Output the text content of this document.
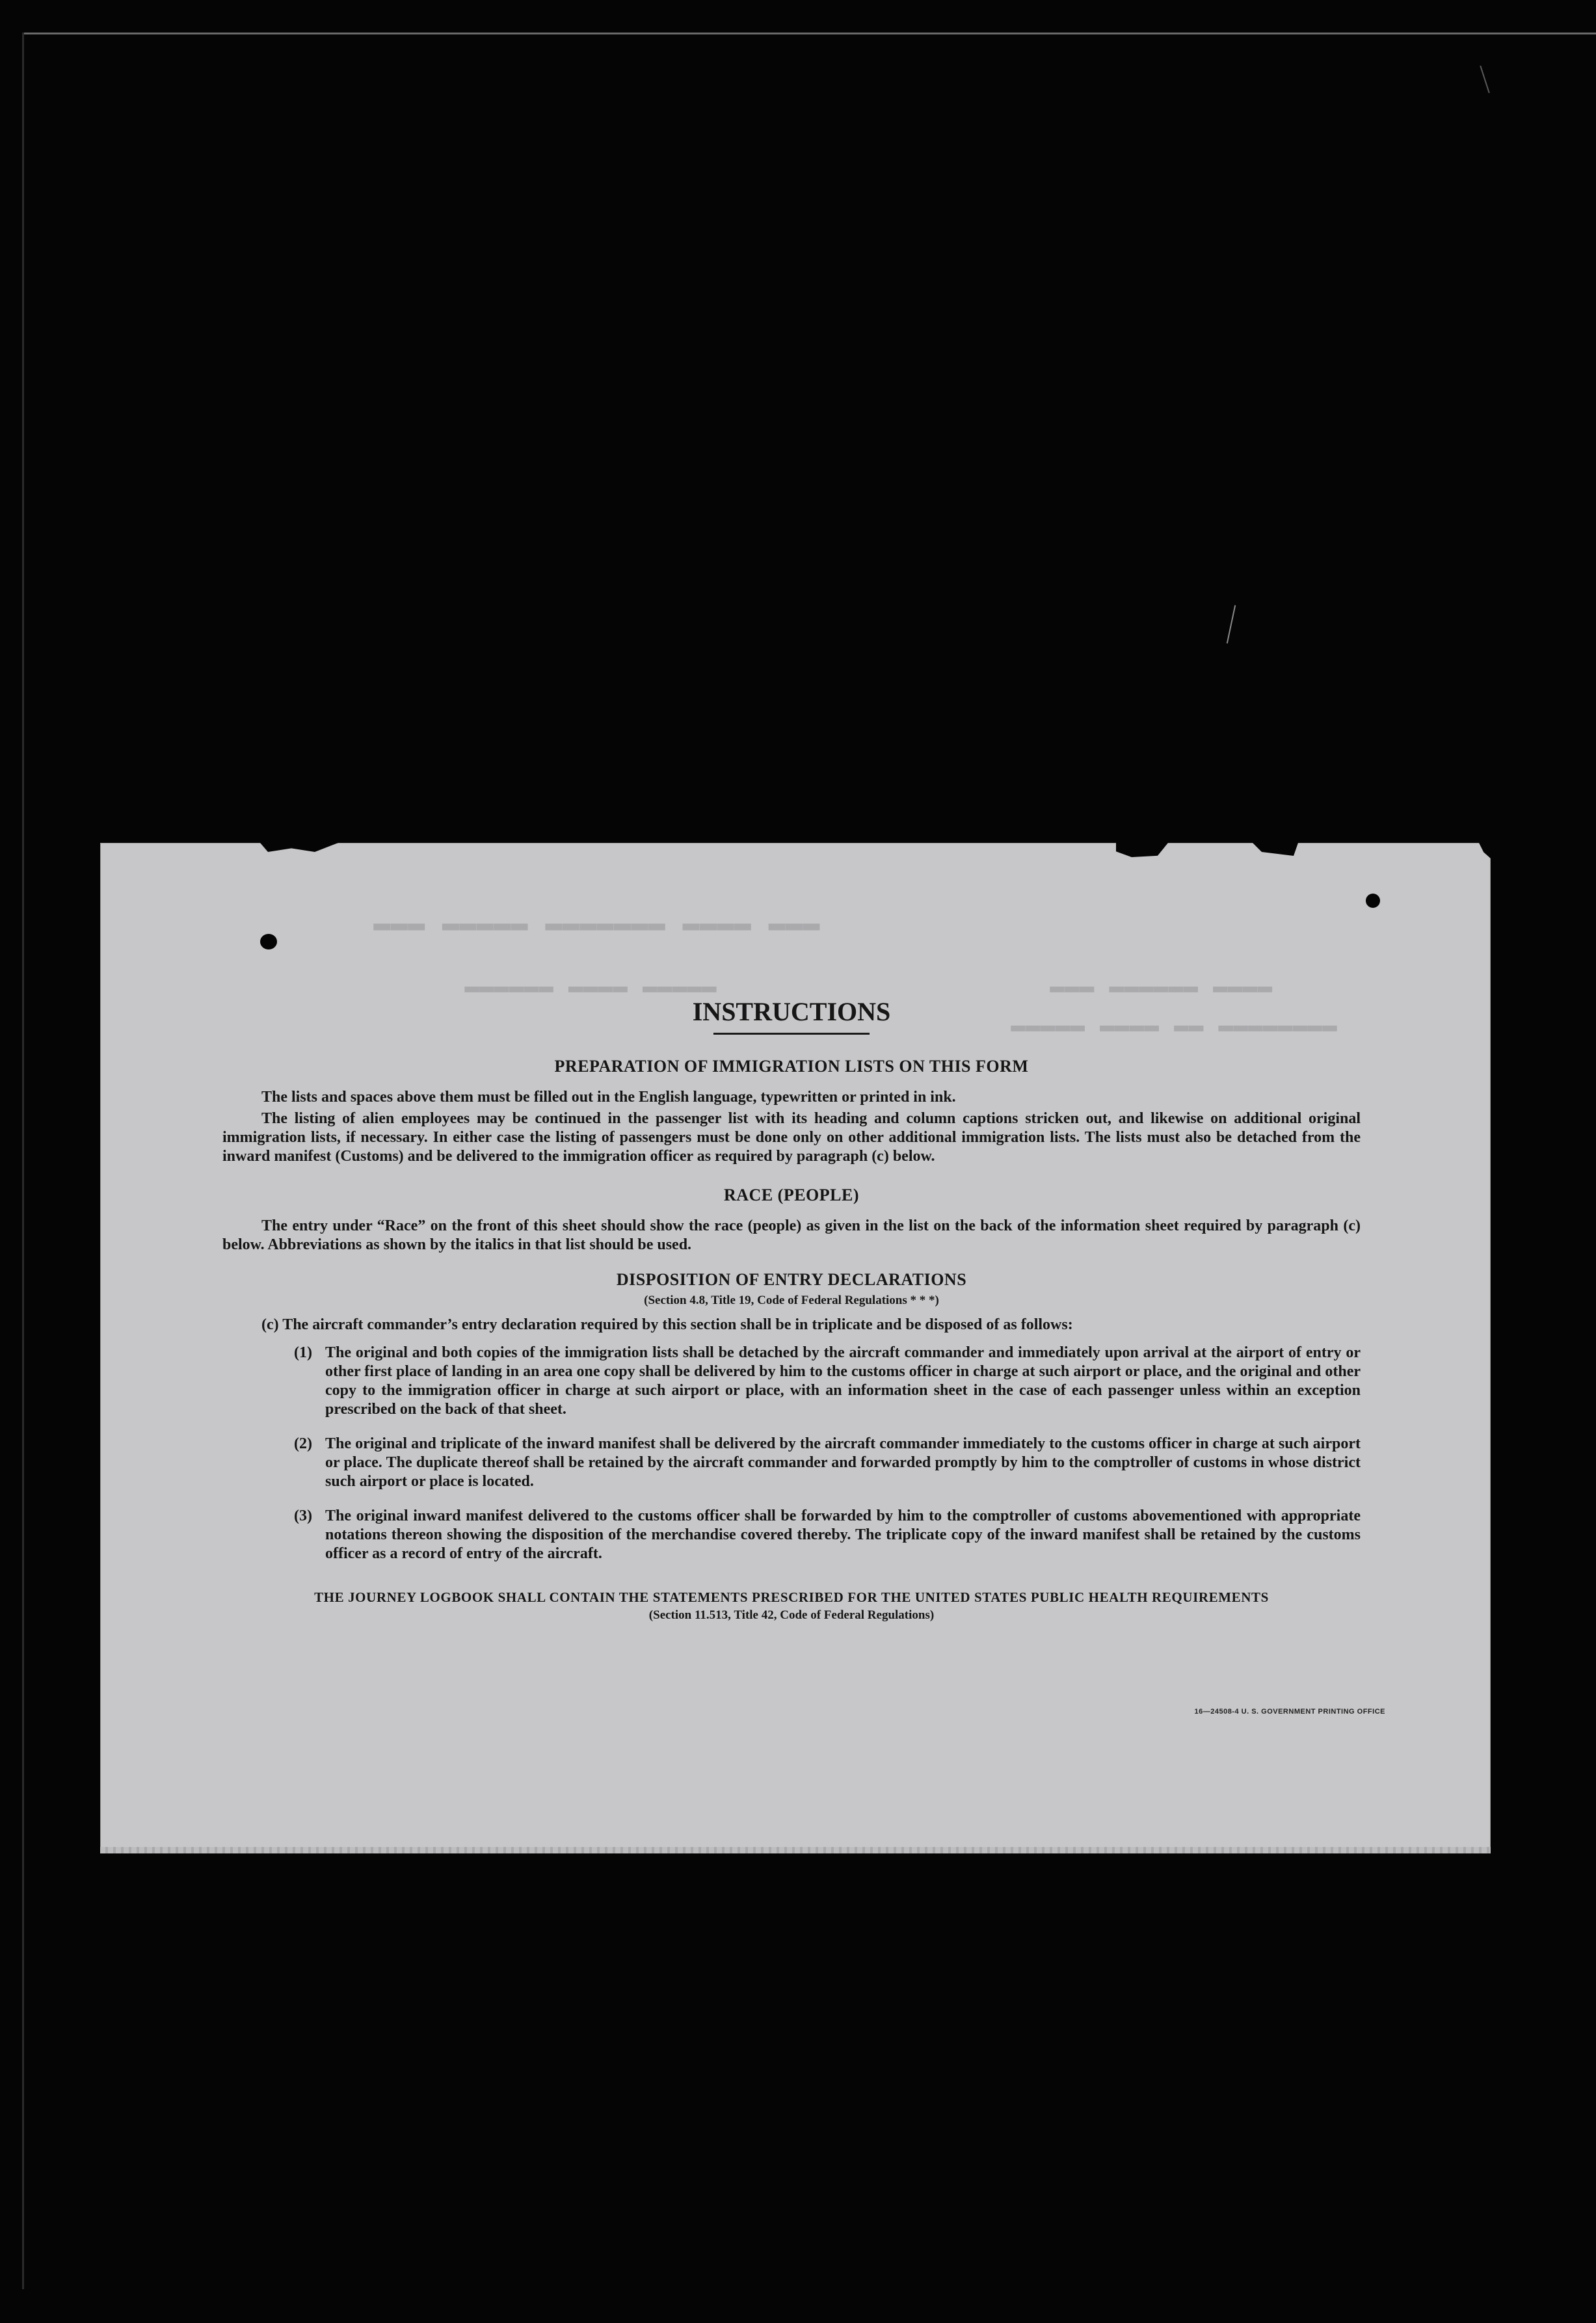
▬▬▬ ▬▬▬▬ ▬▬▬▬▬▬▬ ▬▬▬▬▬ ▬▬▬
▬▬▬▬▬ ▬▬▬▬ ▬▬▬▬▬▬	▬▬▬▬ ▬▬▬▬▬▬ ▬▬▬
▬▬▬▬▬▬▬▬ ▬▬ ▬▬▬▬ ▬▬▬▬▬
INSTRUCTIONS
PREPARATION OF IMMIGRATION LISTS ON THIS FORM

The lists and spaces above them must be filled out in the English language, typewritten or printed in ink.

The listing of alien employees may be continued in the passenger list with its heading and column captions stricken out, and likewise on additional original immigration lists, if necessary. In either case the listing of passengers must be done only on other additional immigration lists. The lists must also be detached from the inward manifest (Customs) and be delivered to the immigration officer as required by paragraph (c) below.

RACE (PEOPLE)

The entry under “Race” on the front of this sheet should show the race (people) as given in the list on the back of the information sheet required by paragraph (c) below. Abbreviations as shown by the italics in that list should be used.

DISPOSITION OF ENTRY DECLARATIONS
(Section 4.8, Title 19, Code of Federal Regulations * * *)

(c) The aircraft commander’s entry declaration required by this section shall be in triplicate and be disposed of as follows:

(1) The original and both copies of the immigration lists shall be detached by the aircraft commander and immediately upon arrival at the airport of entry or other first place of landing in an area one copy shall be delivered by him to the customs officer in charge at such airport or place, and the original and other copy to the immigration officer in charge at such airport or place, with an information sheet in the case of each passenger unless within an exception prescribed on the back of that sheet.
(2) The original and triplicate of the inward manifest shall be delivered by the aircraft commander immediately to the customs officer in charge at such airport or place. The duplicate thereof shall be retained by the aircraft commander and forwarded promptly by him to the comptroller of customs in whose district such airport or place is located.
(3) The original inward manifest delivered to the customs officer shall be forwarded by him to the comptroller of customs abovementioned with appropriate notations thereon showing the disposition of the merchandise covered thereby. The triplicate copy of the inward manifest shall be retained by the customs officer as a record of entry of the aircraft.
THE JOURNEY LOGBOOK SHALL CONTAIN THE STATEMENTS PRESCRIBED FOR THE UNITED STATES PUBLIC HEALTH REQUIREMENTS
(Section 11.513, Title 42, Code of Federal Regulations)
16—24508-4 U. S. GOVERNMENT PRINTING OFFICE
